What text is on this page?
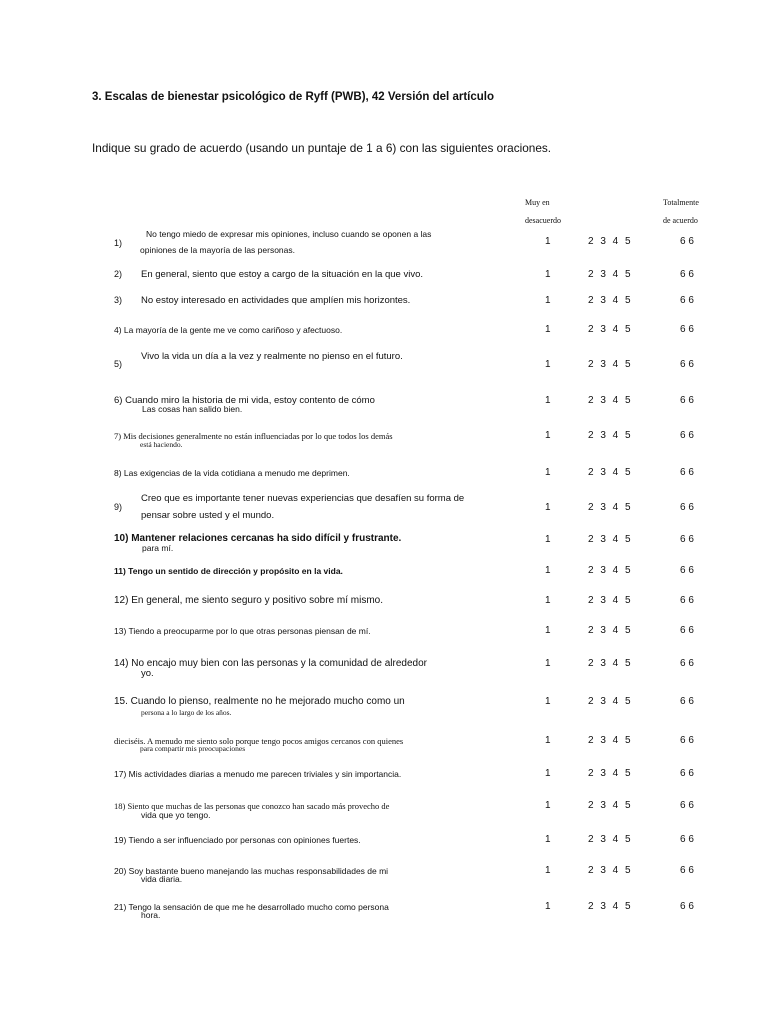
3. Escalas de bienestar psicológico de Ryff (PWB), 42 Versión del artículo
Indique su grado de acuerdo (usando un puntaje de 1 a 6) con las siguientes oraciones.
Muy en
desacuerdo
Totalmente
de acuerdo
1)
No tengo miedo de expresar mis opiniones, incluso cuando se oponen a las
opiniones de la mayoría de las personas.
1	2 3 4 5	6 6
2) En general, siento que estoy a cargo de la situación en la que vivo.	1	2 3 4 5	6 6
3) No estoy interesado en actividades que amplíen mis horizontes.	1	2 3 4 5	6 6
4) La mayoría de la gente me ve como cariñoso y afectuoso.	1	2 3 4 5	6 6
5)
Vivo la vida un día a la vez y realmente no pienso en el futuro.
1	2 3 4 5	6 6
6) Cuando miro la historia de mi vida, estoy contento de cómo
Las cosas han salido bien.
1	2 3 4 5	6 6
7) Mis decisiones generalmente no están influenciadas por lo que todos los demás
está haciendo.
1	2 3 4 5	6 6
8) Las exigencias de la vida cotidiana a menudo me deprimen.	1	2 3 4 5	6 6
9)
Creo que es importante tener nuevas experiencias que desafíen su forma de
pensar sobre usted y el mundo.
1	2 3 4 5	6 6
10) Mantener relaciones cercanas ha sido difícil y frustrante.
para mí.
1	2 3 4 5	6 6
11) Tengo un sentido de dirección y propósito en la vida.	1	2 3 4 5	6 6
12) En general, me siento seguro y positivo sobre mí mismo.	1	2 3 4 5	6 6
13) Tiendo a preocuparme por lo que otras personas piensan de mí.	1	2 3 4 5	6 6
14) No encajo muy bien con las personas y la comunidad de alrededor
yo.
1	2 3 4 5	6 6
15. Cuando lo pienso, realmente no he mejorado mucho como un
persona a lo largo de los años.
1	2 3 4 5	6 6
dieciséis. A menudo me siento solo porque tengo pocos amigos cercanos con quienes
para compartir mis preocupaciones
1	2 3 4 5	6 6
17) Mis actividades diarias a menudo me parecen triviales y sin importancia.	1	2 3 4 5	6 6
18) Siento que muchas de las personas que conozco han sacado más provecho de
vida que yo tengo.
1	2 3 4 5	6 6
19) Tiendo a ser influenciado por personas con opiniones fuertes.	1	2 3 4 5	6 6
20) Soy bastante bueno manejando las muchas responsabilidades de mi
vida diaria.
1	2 3 4 5	6 6
21) Tengo la sensación de que me he desarrollado mucho como persona
hora.
1	2 3 4 5	6 6
